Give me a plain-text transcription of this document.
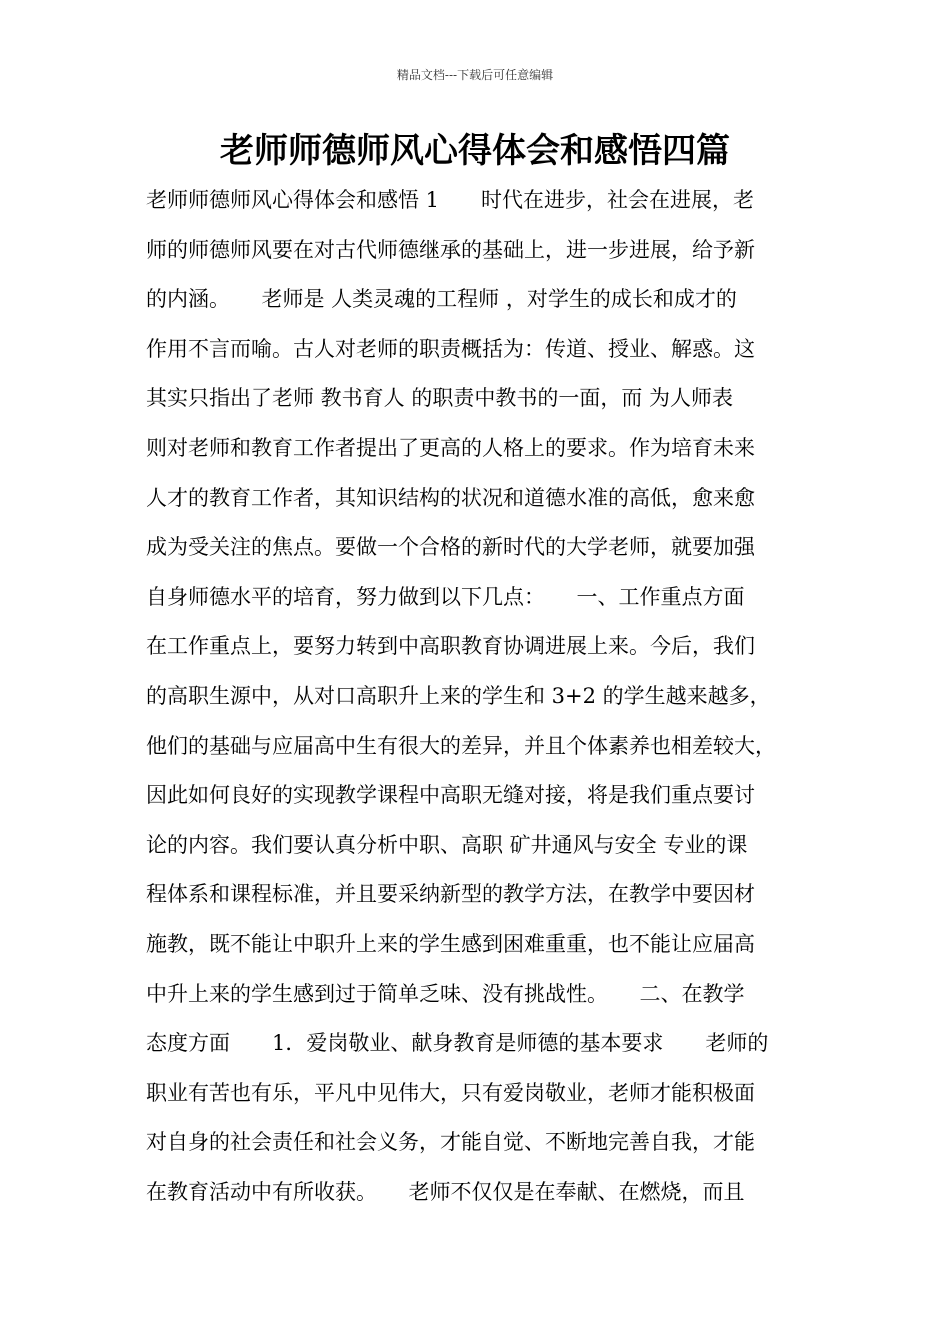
精品文档---下载后可任意编辑
老师师德师风心得体会和感悟四篇
老师师德师风心得体会和感悟 1　　时代在进步，社会在进展，老
师的师德师风要在对古代师德继承的基础上，进一步进展，给予新
的内涵。　　老师是 人类灵魂的工程师 ，对学生的成长和成才的
作用不言而喻。古人对老师的职责概括为：传道、授业、解惑。这
其实只指出了老师 教书育人 的职责中教书的一面，而 为人师表
则对老师和教育工作者提出了更高的人格上的要求。作为培育未来
人才的教育工作者，其知识结构的状况和道德水准的高低，愈来愈
成为受关注的焦点。要做一个合格的新时代的大学老师，就要加强
自身师德水平的培育，努力做到以下几点：　　一、工作重点方面
在工作重点上，要努力转到中高职教育协调进展上来。今后，我们
的高职生源中，从对口高职升上来的学生和 3+2 的学生越来越多，
他们的基础与应届高中生有很大的差异，并且个体素养也相差较大，
因此如何良好的实现教学课程中高职无缝对接，将是我们重点要讨
论的内容。我们要认真分析中职、高职 矿井通风与安全 专业的课
程体系和课程标准，并且要采纳新型的教学方法，在教学中要因材
施教，既不能让中职升上来的学生感到困难重重，也不能让应届高
中升上来的学生感到过于简单乏味、没有挑战性。　　二、在教学
态度方面　　1．爱岗敬业、献身教育是师德的基本要求　　老师的
职业有苦也有乐，平凡中见伟大，只有爱岗敬业，老师才能积极面
对自身的社会责任和社会义务，才能自觉、不断地完善自我，才能
在教育活动中有所收获。　　老师不仅仅是在奉献、在燃烧，而且
